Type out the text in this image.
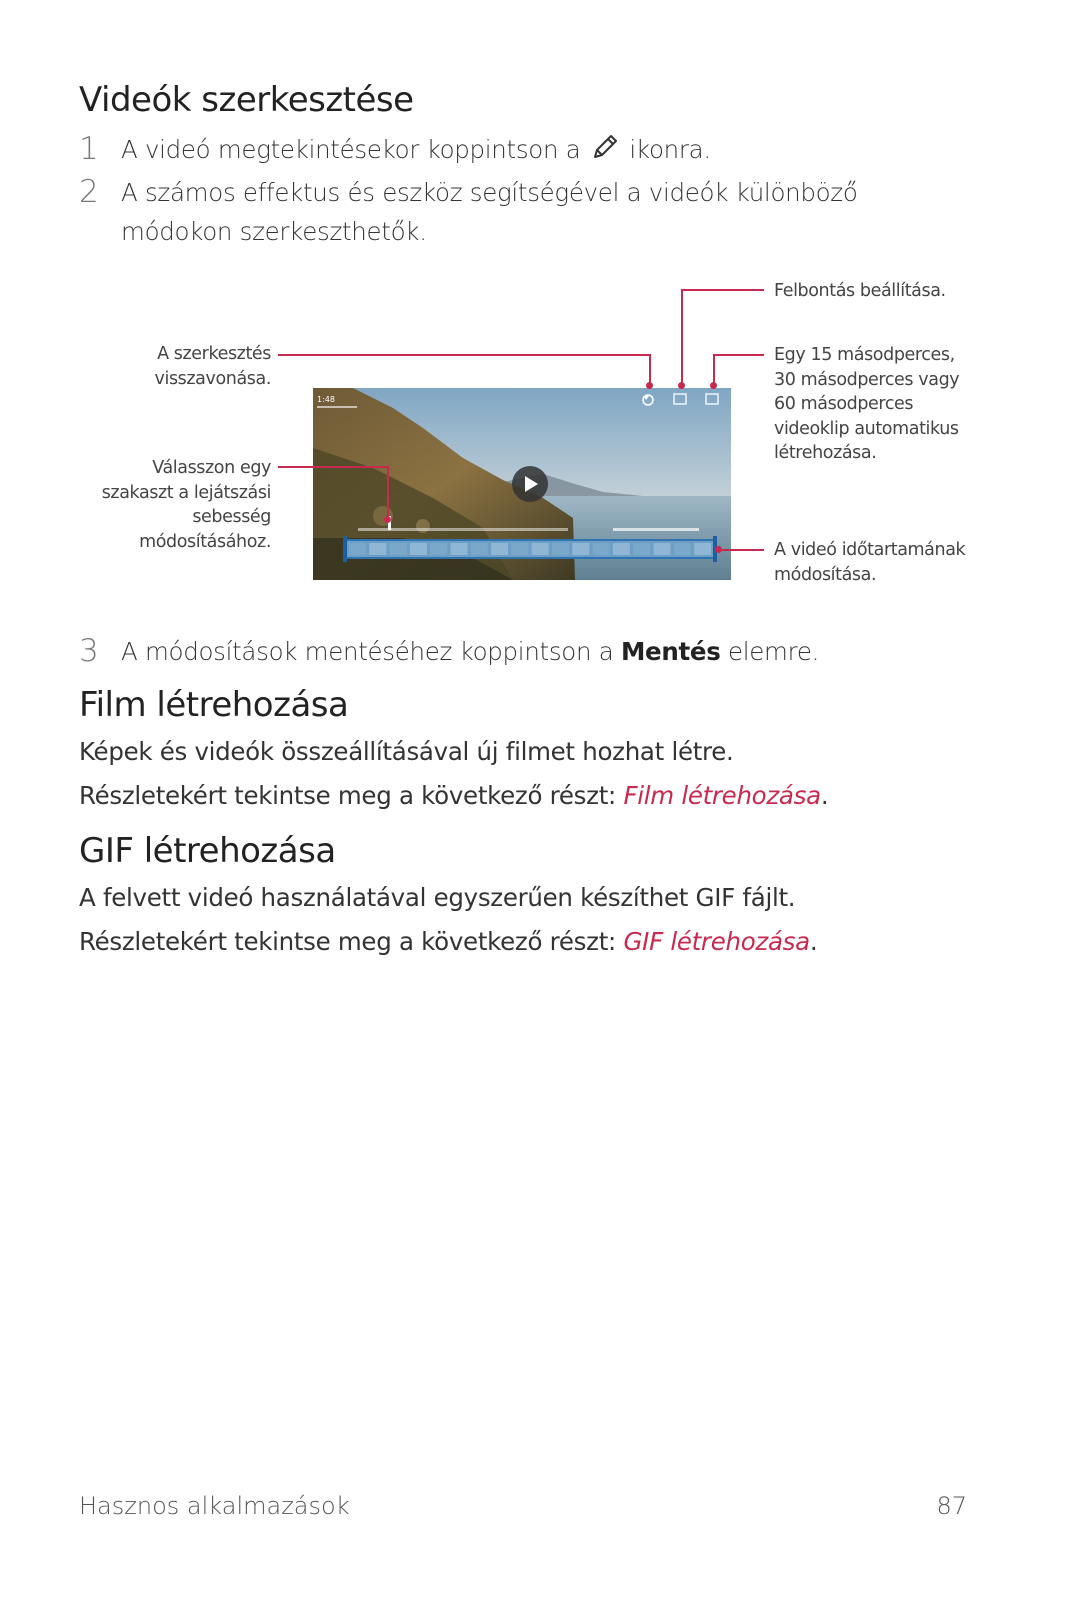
Videók szerkesztése
1 A videó megtekintésekor koppintson a ikonra.
2 A számos effektus és eszköz segítségével a videók különböző
módokon szerkeszthetők.
1:48
A szerkesztés
visszavonása.
Válasszon egy
szakaszt a lejátszási
sebesség
módosításához.
Felbontás beállítása.
Egy 15 másodperces,
30 másodperces vagy
60 másodperces
videoklip automatikus
létrehozása.
A videó időtartamának
módosítása.
3 A módosítások mentéséhez koppintson a Mentés elemre.
Film létrehozása

Képek és videók összeállításával új filmet hozhat létre.

Részletekért tekintse meg a következő részt: Film létrehozása.

GIF létrehozása

A felvett videó használatával egyszerűen készíthet GIF fájlt.

Részletekért tekintse meg a következő részt: GIF létrehozása.

Hasznos alkalmazások	87
